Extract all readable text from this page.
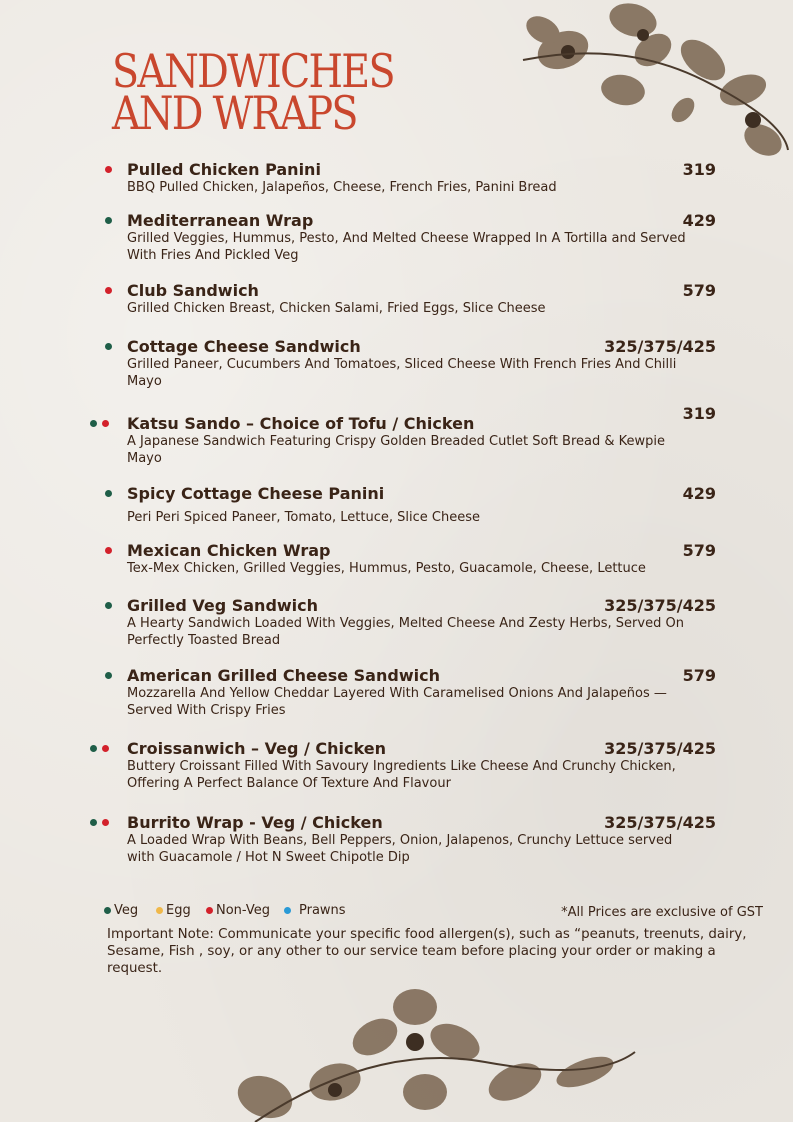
SANDWICHES
AND WRAPS
Pulled Chicken Panini	319
BBQ Pulled Chicken, Jalapeños, Cheese, French Fries, Panini Bread
Mediterranean Wrap	429
Grilled Veggies, Hummus, Pesto, And Melted Cheese Wrapped In A Tortilla and Served With Fries And Pickled Veg
Club Sandwich	579
Grilled Chicken Breast, Chicken Salami, Fried Eggs, Slice Cheese
Cottage Cheese Sandwich	325/375/425
Grilled Paneer, Cucumbers And Tomatoes, Sliced Cheese With French Fries And Chilli Mayo
Katsu Sando – Choice of Tofu / Chicken
319
A Japanese Sandwich Featuring Crispy Golden Breaded Cutlet Soft Bread & Kewpie Mayo
Spicy Cottage Cheese Panini	429
Peri Peri Spiced Paneer, Tomato, Lettuce, Slice Cheese
Mexican Chicken Wrap	579
Tex-Mex Chicken, Grilled Veggies, Hummus, Pesto, Guacamole, Cheese, Lettuce
Grilled Veg Sandwich	325/375/425
A Hearty Sandwich Loaded With Veggies, Melted Cheese And Zesty Herbs, Served On Perfectly Toasted Bread
American Grilled Cheese Sandwich	579
Mozzarella And Yellow Cheddar Layered With Caramelised Onions And Jalapeños — Served With Crispy Fries
Croissanwich – Veg / Chicken	325/375/425
Buttery Croissant Filled With Savoury Ingredients Like Cheese And Crunchy Chicken, Offering A Perfect Balance Of Texture And Flavour
Burrito Wrap - Veg / Chicken	325/375/425
A Loaded Wrap With Beans, Bell Peppers, Onion, Jalapenos, Crunchy Lettuce served with Guacamole / Hot N Sweet Chipotle Dip
Veg Egg Non-Veg Prawns	*All Prices are exclusive of GST
Important Note: Communicate your specific food allergen(s), such as “peanuts, treenuts, dairy, Sesame, Fish , soy, or any other to our service team before placing your order or making a request.
